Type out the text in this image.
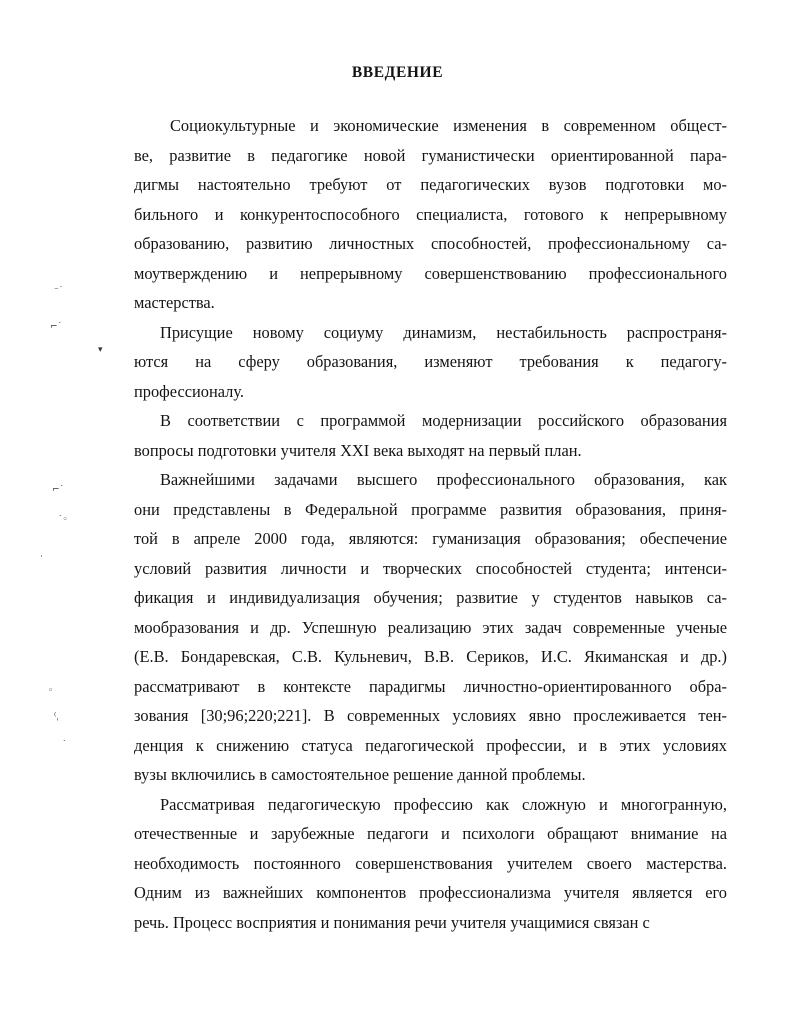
⁻˙
⌐˙
▾
⌐˙
˙◦
·
◦
⁽ˌ
˙
ВВЕДЕНИЕ
Социокультурные и экономические изменения в современном общест-
ве, развитие в педагогике новой гуманистически ориентированной пара-
дигмы настоятельно требуют от педагогических вузов подготовки мо-
бильного и конкурентоспособного специалиста, готового к непрерывному
образованию, развитию личностных способностей, профессиональному са-
моутверждению и непрерывному совершенствованию профессионального
мастерства.
Присущие новому социуму динамизм, нестабильность распространя-
ются на сферу образования, изменяют требования к педагогу-
профессионалу.
В соответствии с программой модернизации российского образования
вопросы подготовки учителя XXI века выходят на первый план.
Важнейшими задачами высшего профессионального образования, как
они представлены в Федеральной программе развития образования, приня-
той в апреле 2000 года, являются: гуманизация образования; обеспечение
условий развития личности и творческих способностей студента; интенси-
фикация и индивидуализация обучения; развитие у студентов навыков са-
мообразования и др. Успешную реализацию этих задач современные ученые
(Е.В. Бондаревская, С.В. Кульневич, В.В. Сериков, И.С. Якиманская и др.)
рассматривают в контексте парадигмы личностно-ориентированного обра-
зования [30;96;220;221]. В современных условиях явно прослеживается тен-
денция к снижению статуса педагогической профессии, и в этих условиях
вузы включились в самостоятельное решение данной проблемы.
Рассматривая педагогическую профессию как сложную и многогранную,
отечественные и зарубежные педагоги и психологи обращают внимание на
необходимость постоянного совершенствования учителем своего мастерства.
Одним из важнейших компонентов профессионализма учителя является его
речь. Процесс восприятия и понимания речи учителя учащимися связан с
